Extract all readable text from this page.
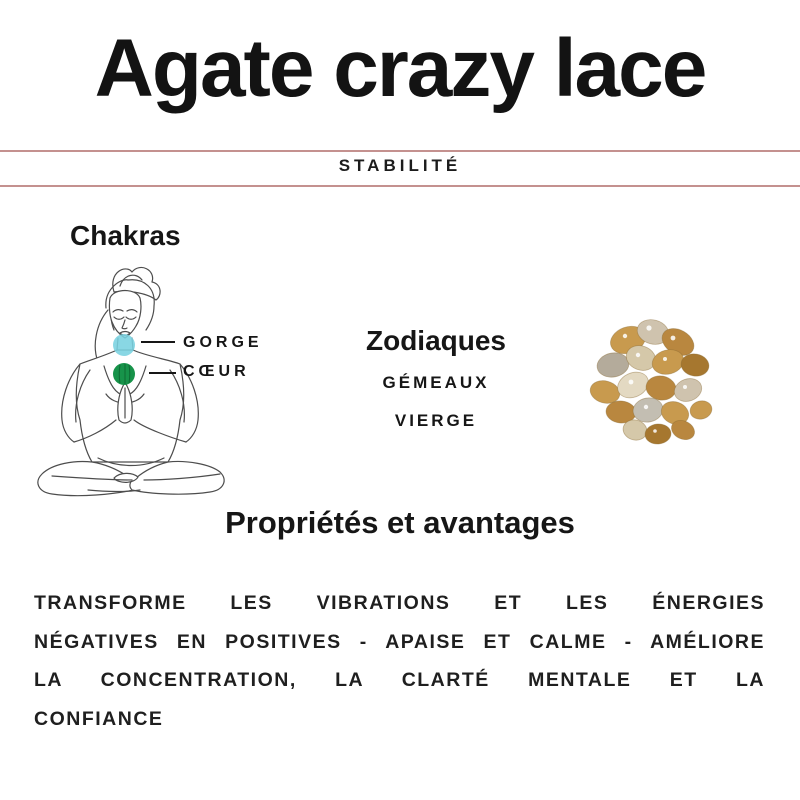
Agate crazy lace
STABILITÉ
Chakras
GORGE
CŒUR
Zodiaques
GÉMEAUX
VIERGE
Propriétés et avantages
TRANSFORME LES VIBRATIONS ET LES ÉNERGIES
NÉGATIVES EN POSITIVES - APAISE ET CALME - AMÉLIORE
LA CONCENTRATION, LA CLARTÉ MENTALE ET LA
CONFIANCE
